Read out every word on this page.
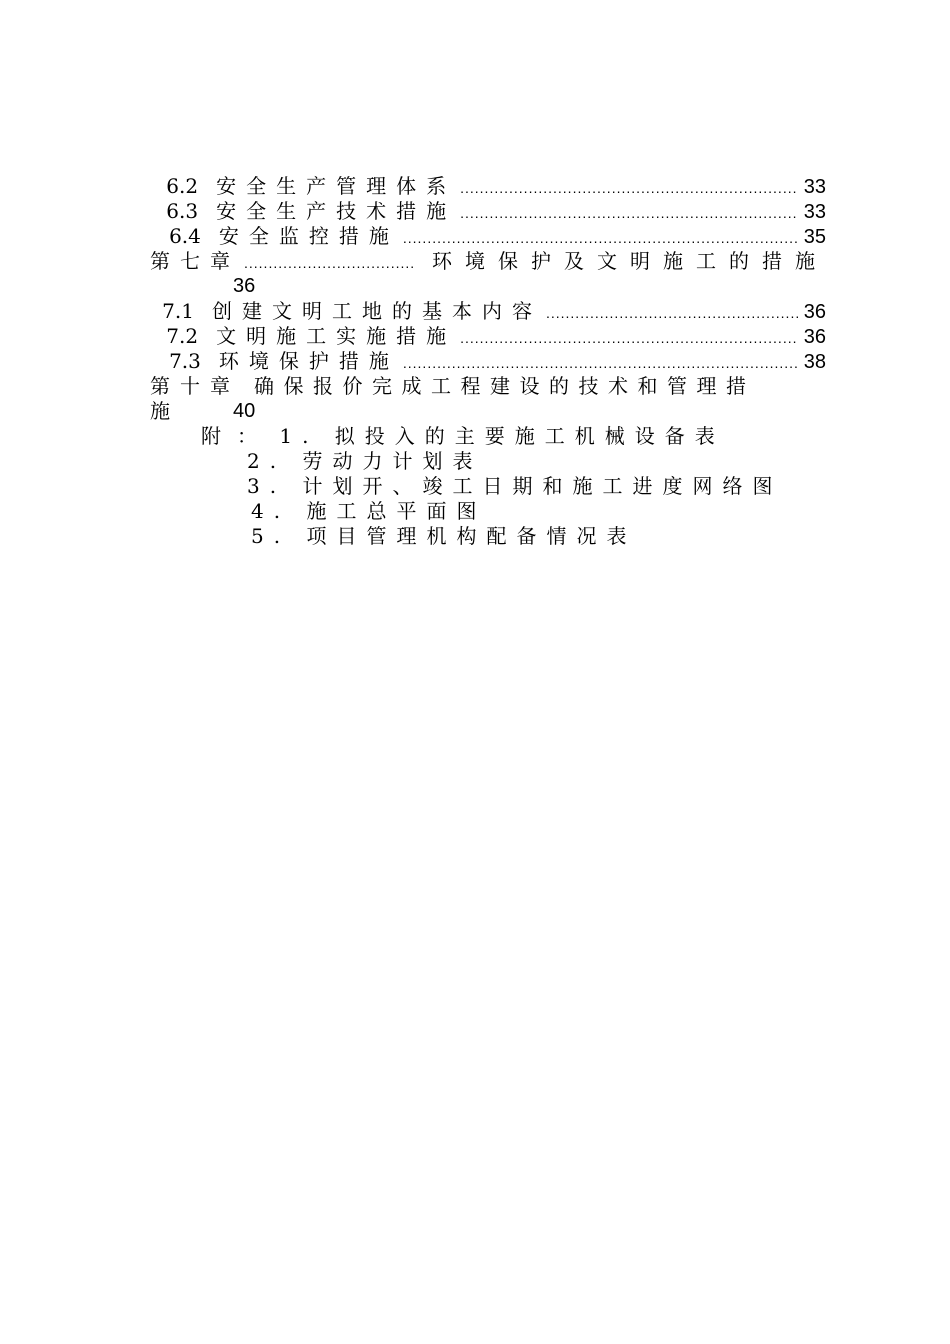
6.2 安全生产管理体系 .....	33
6.3 安全生产技术措施 .....	33
6.4 安全监控措施 .....	35
第七章 .....	环境保护及文明施工的措施
36
7.1 创建文明工地的基本内容 .....	36
7.2 文明施工实施措施 .....	36
7.3 环境保护措施 .....	38
第十章 确保报价完成工程建设的技术和管理措
施	40
附： 1. 拟投入的主要施工机械设备表
2. 劳动力计划表
3. 计划开、竣工日期和施工进度网络图
4. 施工总平面图
5. 项目管理机构配备情况表
